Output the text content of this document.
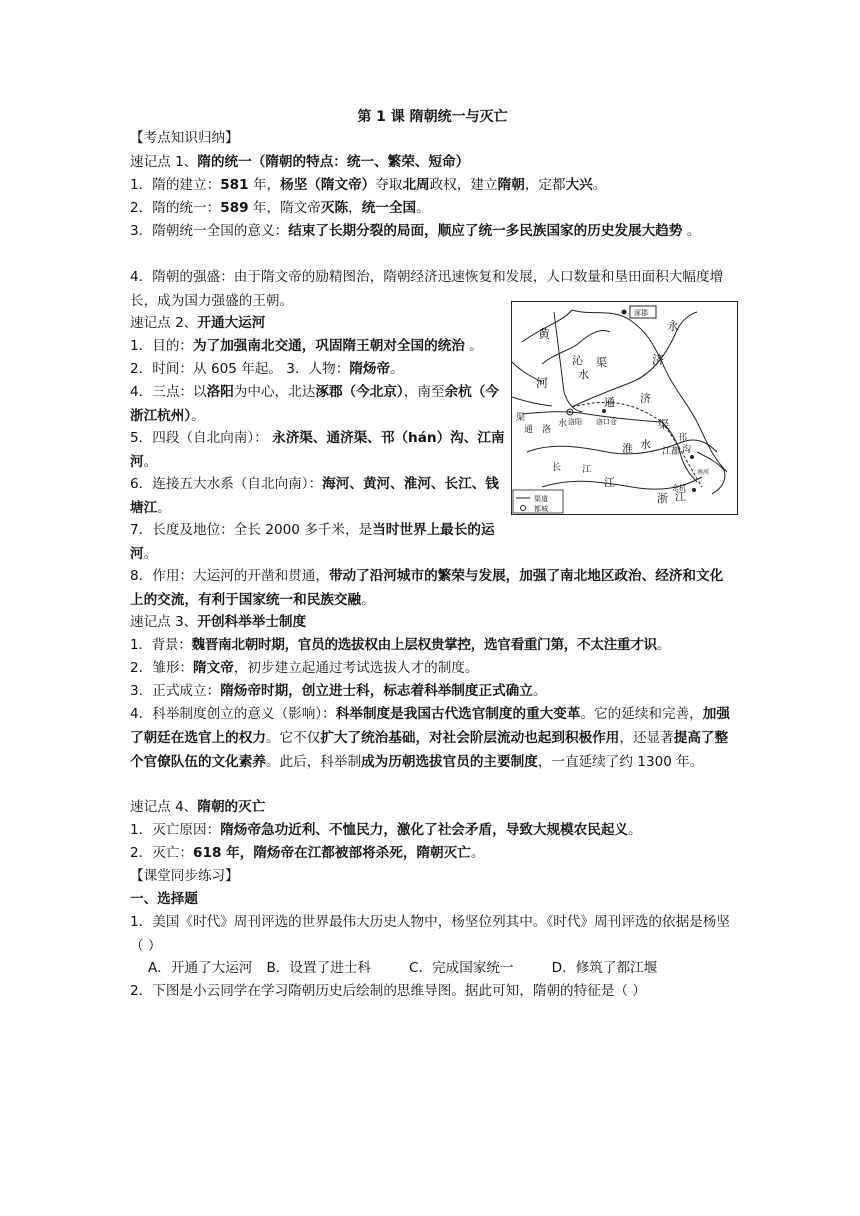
第 1 课 隋朝统一与灭亡
【考点知识归纳】
速记点 1、隋的统一（隋朝的特点：统一、繁荣、短命）
1．隋的建立：581 年，杨坚（隋文帝）夺取北周政权，建立隋朝，定都大兴。
2．隋的统一：589 年，隋文帝灭陈，统一全国。
3．隋朝统一全国的意义：结束了长期分裂的局面，顺应了统一多民族国家的历史发展大趋势 。
4．隋朝的强盛：由于隋文帝的励精图治，隋朝经济迅速恢复和发展，人口数量和垦田面积大幅度增长，成为国力强盛的王朝。
速记点 2、开通大运河
1．目的：为了加强南北交通，巩固隋王朝对全国的统治 。
2．时间：从 605 年起。 3．人物：隋炀帝。
4．三点：以洛阳为中心，北达涿郡（今北京），南至余杭（今浙江杭州）。
5．四段（自北向南）： 永济渠、通济渠、邗（hán）沟、江南河。
6．连接五大水系（自北向南）：海河、黄河、淮河、长江、钱塘江。
7．长度及地位：全长 2000 多千米，是当时世界上最长的运河。
8．作用：大运河的开凿和贯通，带动了沿河城市的繁荣与发展，加强了南北地区政治、经济和文化上的交流，有利于国家统一和民族交融。
速记点 3、开创科举举士制度
1．背景：魏晋南北朝时期，官员的选拔权由上层权贵掌控，选官看重门第，不太注重才识。
2．雏形：隋文帝，初步建立起通过考试选拔人才的制度。
3．正式成立：隋炀帝时期，创立进士科，标志着科举制度正式确立。
4．科举制度创立的意义（影响）：科举制度是我国古代选官制度的重大变革。它的延续和完善，加强了朝廷在选官上的权力。它不仅扩大了统治基础，对社会阶层流动也起到积极作用，还显著提高了整个官僚队伍的文化素养。此后，科举制成为历朝选拔官员的主要制度，一直延续了约 1300 年。
速记点 4、隋朝的灭亡
1．灭亡原因：隋炀帝急功近利、不恤民力，激化了社会矛盾，导致大规模农民起义。
2．灭亡：618 年，隋炀帝在江都被部将杀死，隋朝灭亡。
【课堂同步练习】
一、选择题
1．美国《时代》周刊评选的世界最伟大历史人物中，杨坚位列其中。《时代》周刊评选的依据是杨坚（ ）
A．开通了大运河 B．设置了进士科	C．完成国家统一	D．修筑了都江堰
2．下图是小云同学在学习隋朝历史后绘制的思维导图。据此可知，隋朝的特征是（ ）
涿郡
黄
河
永
济
沁
水
渠
通 济
渠
洛阳 洛口仓
渠
通 洛
水
淮 水
江都
邗
沟
江
长 江
余杭
浙 江
南河
渠道
都城
